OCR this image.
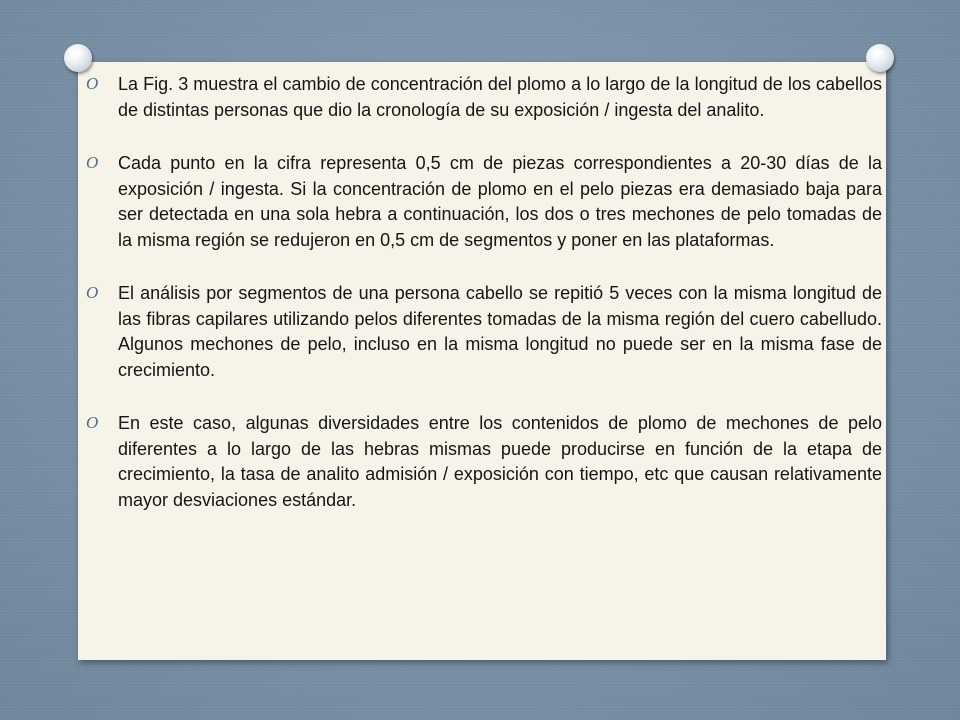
O La Fig. 3 muestra el cambio de concentración del plomo a lo largo de la longitud de los cabellos de distintas personas que dio la cronología de su exposición / ingesta del analito.
O Cada punto en la cifra representa 0,5 cm de piezas correspondientes a 20-30 días de la exposición / ingesta. Si la concentración de plomo en el pelo piezas era demasiado baja para ser detectada en una sola hebra a continuación, los dos o tres mechones de pelo tomadas de la misma región se redujeron en 0,5 cm de segmentos y poner en las plataformas.
O El análisis por segmentos de una persona cabello se repitió 5 veces con la misma longitud de las fibras capilares utilizando pelos diferentes tomadas de la misma región del cuero cabelludo. Algunos mechones de pelo, incluso en la misma longitud no puede ser en la misma fase de crecimiento.
O En este caso, algunas diversidades entre los contenidos de plomo de mechones de pelo diferentes a lo largo de las hebras mismas puede producirse en función de la etapa de crecimiento, la tasa de analito admisión / exposición con tiempo, etc que causan relativamente mayor desviaciones estándar.
